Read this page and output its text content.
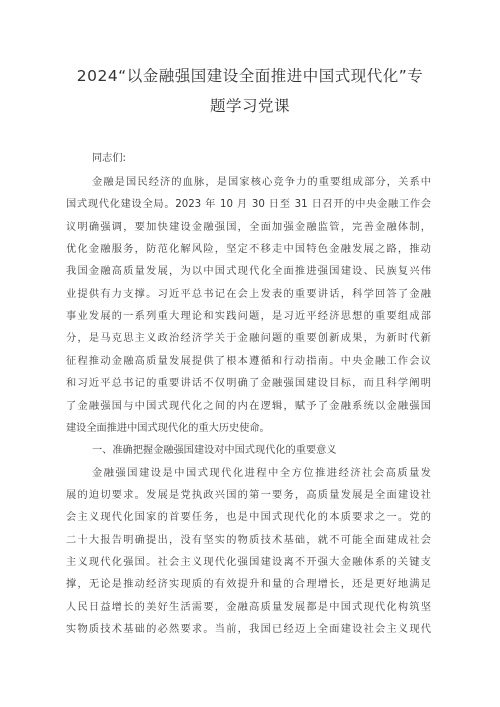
2024“以金融强国建设全面推进中国式现代化”专
题学习党课
同志们:
金融是国民经济的血脉，是国家核心竞争力的重要组成部分，关系中
国式现代化建设全局。2023 年 10 月 30 日至 31 日召开的中央金融工作会
议明确强调，要加快建设金融强国，全面加强金融监管，完善金融体制，
优化金融服务，防范化解风险，坚定不移走中国特色金融发展之路，推动
我国金融高质量发展，为以中国式现代化全面推进强国建设、民族复兴伟
业提供有力支撑。习近平总书记在会上发表的重要讲话，科学回答了金融
事业发展的一系列重大理论和实践问题，是习近平经济思想的重要组成部
分，是马克思主义政治经济学关于金融问题的重要创新成果，为新时代新
征程推动金融高质量发展提供了根本遵循和行动指南。中央金融工作会议
和习近平总书记的重要讲话不仅明确了金融强国建设目标，而且科学阐明
了金融强国与中国式现代化之间的内在逻辑，赋予了金融系统以金融强国
建设全面推进中国式现代化的重大历史使命。
一、准确把握金融强国建设对中国式现代化的重要意义
金融强国建设是中国式现代化进程中全方位推进经济社会高质量发
展的迫切要求。发展是党执政兴国的第一要务，高质量发展是全面建设社
会主义现代化国家的首要任务，也是中国式现代化的本质要求之一。党的
二十大报告明确提出，没有坚实的物质技术基础，就不可能全面建成社会
主义现代化强国。社会主义现代化强国建设离不开强大金融体系的关键支
撑，无论是推动经济实现质的有效提升和量的合理增长，还是更好地满足
人民日益增长的美好生活需要，金融高质量发展都是中国式现代化构筑坚
实物质技术基础的必然要求。当前，我国已经迈上全面建设社会主义现代
